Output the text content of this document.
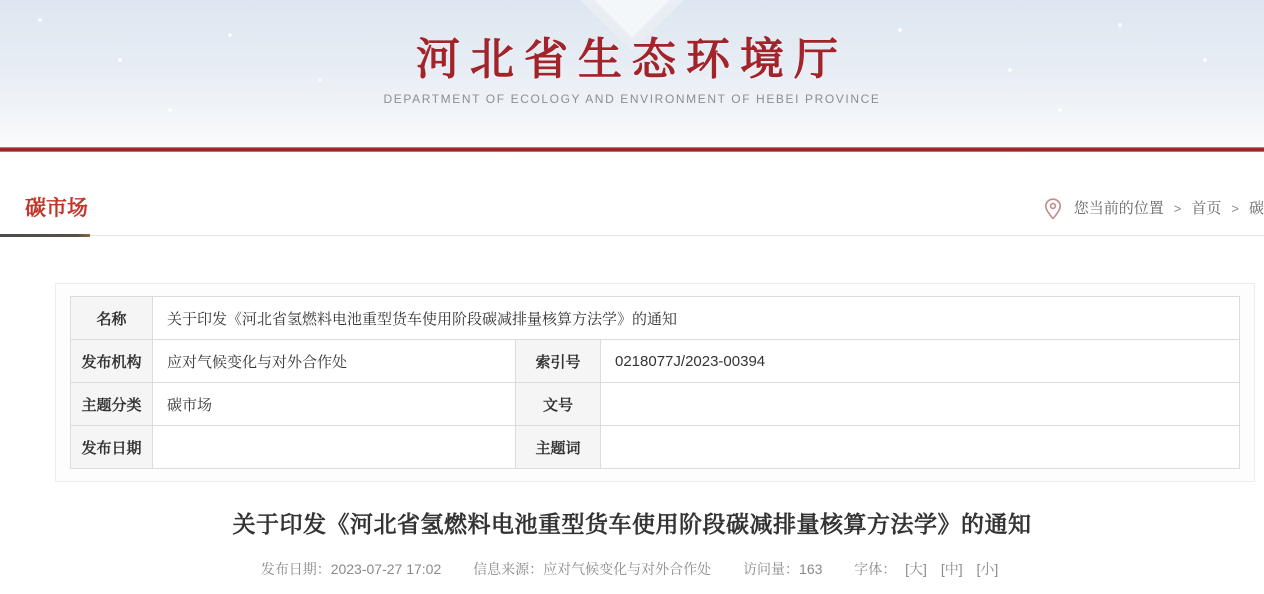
河北省生态环境厅
DEPARTMENT OF ECOLOGY AND ENVIRONMENT OF HEBEI PROVINCE
碳市场	您当前的位置 > 首页 > 碳
名称	关于印发《河北省氢燃料电池重型货车使用阶段碳减排量核算方法学》的通知		
发布机构	应对气候变化与对外合作处	索引号	0218077J/2023-00394
主题分类	碳市场	文号	
发布日期		主题词	
关于印发《河北省氢燃料电池重型货车使用阶段碳减排量核算方法学》的通知
发布日期：2023-07-27 17:02 信息来源：应对气候变化与对外合作处 访问量：163 字体： [大] [中] [小]
